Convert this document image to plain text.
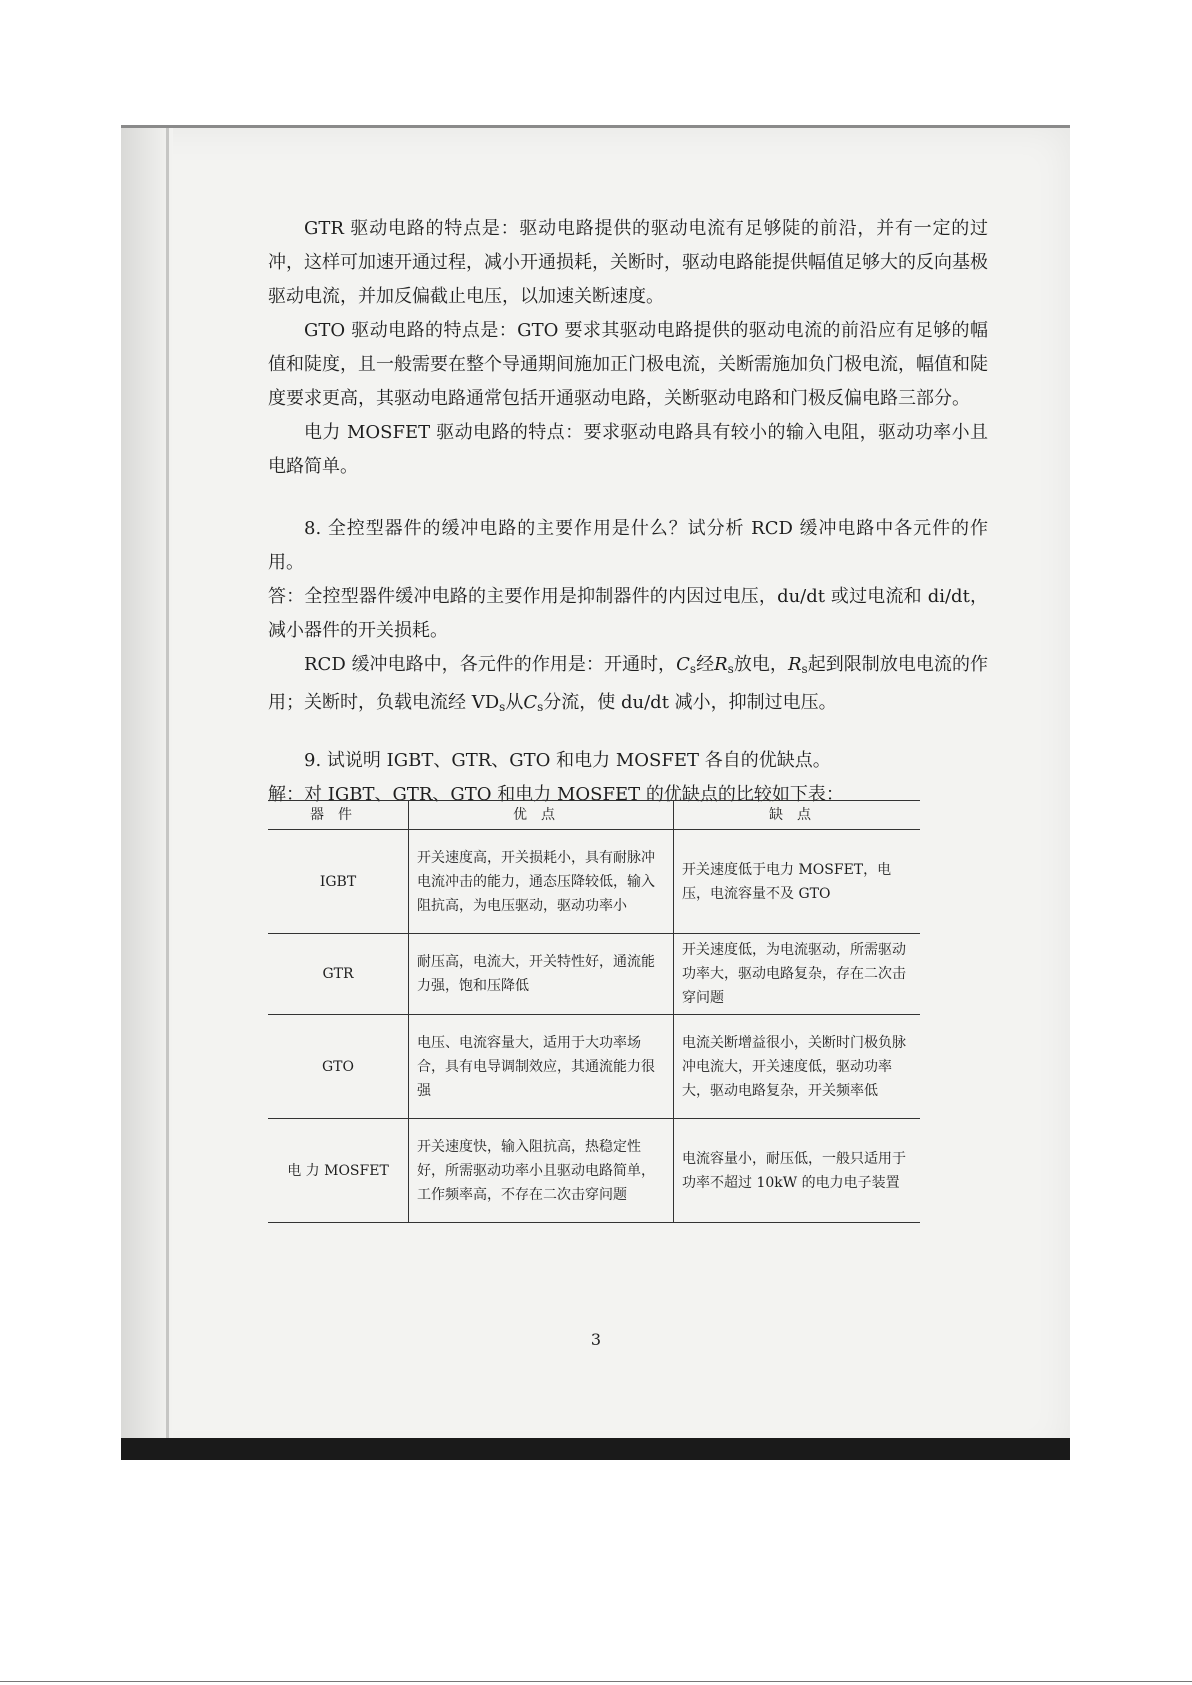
GTR 驱动电路的特点是：驱动电路提供的驱动电流有足够陡的前沿，并有一定的过冲，这样可加速开通过程，减小开通损耗，关断时，驱动电路能提供幅值足够大的反向基极驱动电流，并加反偏截止电压，以加速关断速度。

GTO 驱动电路的特点是：GTO 要求其驱动电路提供的驱动电流的前沿应有足够的幅值和陡度，且一般需要在整个导通期间施加正门极电流，关断需施加负门极电流，幅值和陡度要求更高，其驱动电路通常包括开通驱动电路，关断驱动电路和门极反偏电路三部分。

电力 MOSFET 驱动电路的特点：要求驱动电路具有较小的输入电阻，驱动功率小且电路简单。

8. 全控型器件的缓冲电路的主要作用是什么？试分析 RCD 缓冲电路中各元件的作用。

答：全控型器件缓冲电路的主要作用是抑制器件的内因过电压，du/dt 或过电流和 di/dt，减小器件的开关损耗。

RCD 缓冲电路中，各元件的作用是：开通时，$C_s$经$R_s$放电，$R_s$起到限制放电电流的作用；关断时，负载电流经 $VD_s$从$C_s$分流，使 du/dt 减小，抑制过电压。

9. 试说明 IGBT、GTR、GTO 和电力 MOSFET 各自的优缺点。

解：对 IGBT、GTR、GTO 和电力 MOSFET 的优缺点的比较如下表：

器件	优点	缺点
IGBT	开关速度高，开关损耗小，具有耐脉冲电流冲击的能力，通态压降较低，输入阻抗高，为电压驱动，驱动功率小	开关速度低于电力 MOSFET，电压，电流容量不及 GTO
GTR	耐压高，电流大，开关特性好，通流能力强，饱和压降低	开关速度低，为电流驱动，所需驱动功率大，驱动电路复杂，存在二次击穿问题
GTO	电压、电流容量大，适用于大功率场合，具有电导调制效应，其通流能力很强	电流关断增益很小，关断时门极负脉冲电流大，开关速度低，驱动功率大，驱动电路复杂，开关频率低
电 力 MOSFET	开关速度快，输入阻抗高，热稳定性好，所需驱动功率小且驱动电路简单，工作频率高，不存在二次击穿问题	电流容量小，耐压低，一般只适用于功率不超过 10kW 的电力电子装置
3
